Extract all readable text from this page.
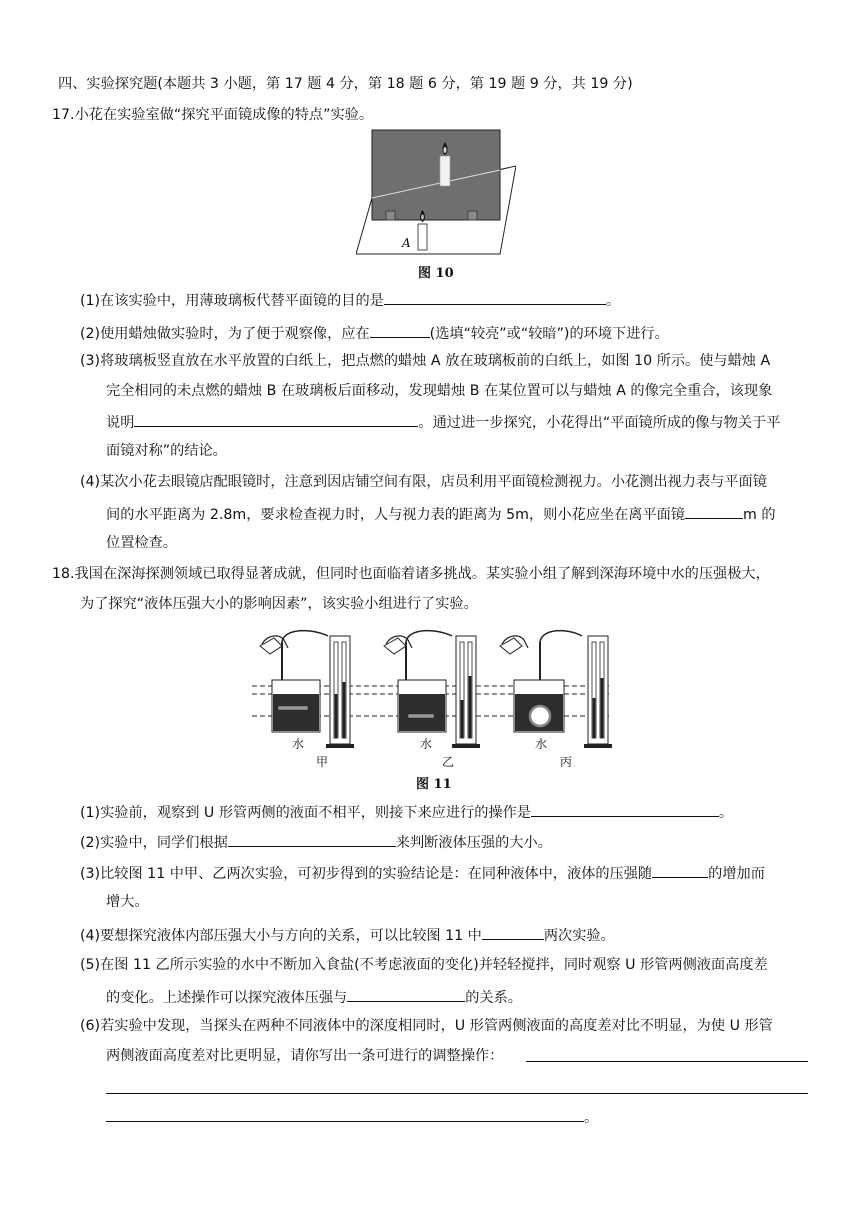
四、实验探究题(本题共 3 小题，第 17 题 4 分，第 18 题 6 分，第 19 题 9 分，共 19 分)
17.小花在实验室做“探究平面镜成像的特点”实验。
A
图 10
(1)在该实验中，用薄玻璃板代替平面镜的目的是	。
(2)使用蜡烛做实验时，为了便于观察像，应在	(选填“较亮”或“较暗”)的环境下进行。
(3)将玻璃板竖直放在水平放置的白纸上，把点燃的蜡烛 A 放在玻璃板前的白纸上，如图 10 所示。使与蜡烛 A
完全相同的未点燃的蜡烛 B 在玻璃板后面移动，发现蜡烛 B 在某位置可以与蜡烛 A 的像完全重合，该现象
说明	。通过进一步探究，小花得出“平面镜所成的像与物关于平
面镜对称”的结论。
(4)某次小花去眼镜店配眼镜时，注意到因店铺空间有限，店员利用平面镜检测视力。小花测出视力表与平面镜
间的水平距离为 2.8m，要求检查视力时，人与视力表的距离为 5m，则小花应坐在离平面镜	m 的
位置检查。
18.我国在深海探测领域已取得显著成就，但同时也面临着诸多挑战。某实验小组了解到深海环境中水的压强极大，
为了探究“液体压强大小的影响因素”，该实验小组进行了实验。
水	水	水
甲	乙	丙
图 11
(1)实验前，观察到 U 形管两侧的液面不相平，则接下来应进行的操作是	。
(2)实验中，同学们根据	来判断液体压强的大小。
(3)比较图 11 中甲、乙两次实验，可初步得到的实验结论是：在同种液体中，液体的压强随	的增加而
增大。
(4)要想探究液体内部压强大小与方向的关系，可以比较图 11 中	两次实验。
(5)在图 11 乙所示实验的水中不断加入食盐(不考虑液面的变化)并轻轻搅拌，同时观察 U 形管两侧液面高度差
的变化。上述操作可以探究液体压强与	的关系。
(6)若实验中发现，当探头在两种不同液体中的深度相同时，U 形管两侧液面的高度差对比不明显，为使 U 形管
两侧液面高度差对比更明显，请你写出一条可进行的调整操作：
。
